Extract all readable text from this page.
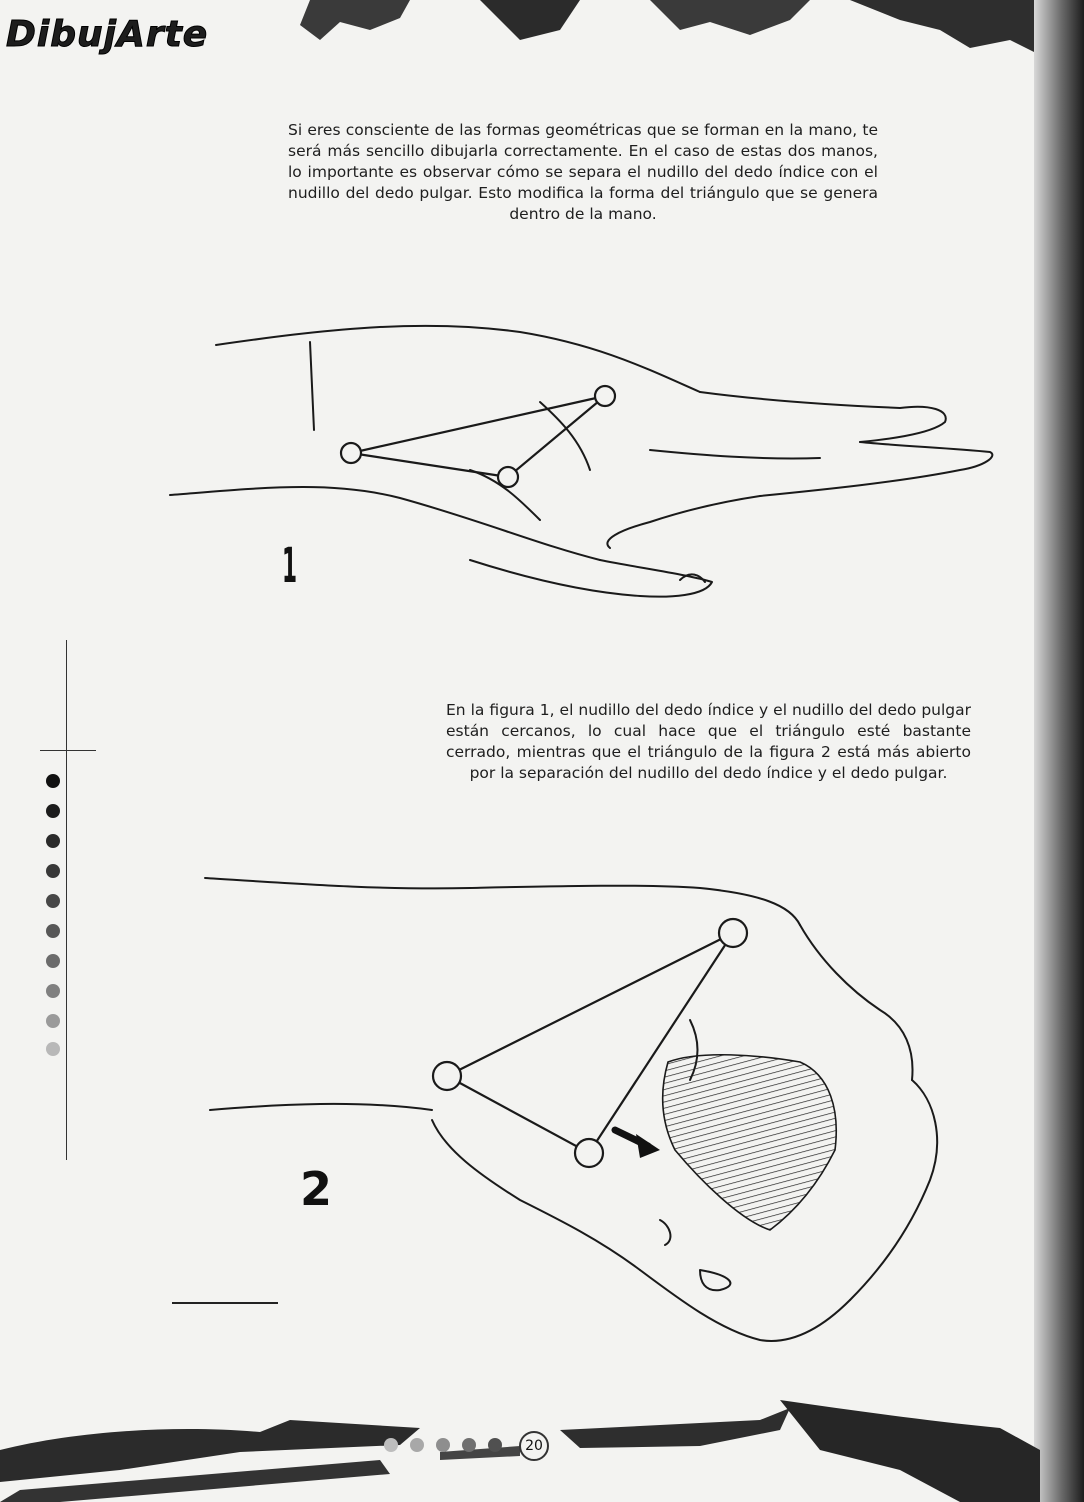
DibujArte

Si eres consciente de las formas geométricas que se forman en la mano, te será más sencillo dibujarla correctamente. En el caso de estas dos manos, lo importante es observar cómo se separa el nudillo del dedo índice con el nudillo del dedo pulgar. Esto modifica la forma del triángulo que se genera dentro de la mano.

1

En la figura 1, el nudillo del dedo índice y el nudillo del dedo pulgar están cercanos, lo cual hace que el triángulo esté bastante cerrado, mientras que el triángulo de la figura 2 está más abierto por la separación del nudillo del dedo índice y el dedo pulgar.

2
20
